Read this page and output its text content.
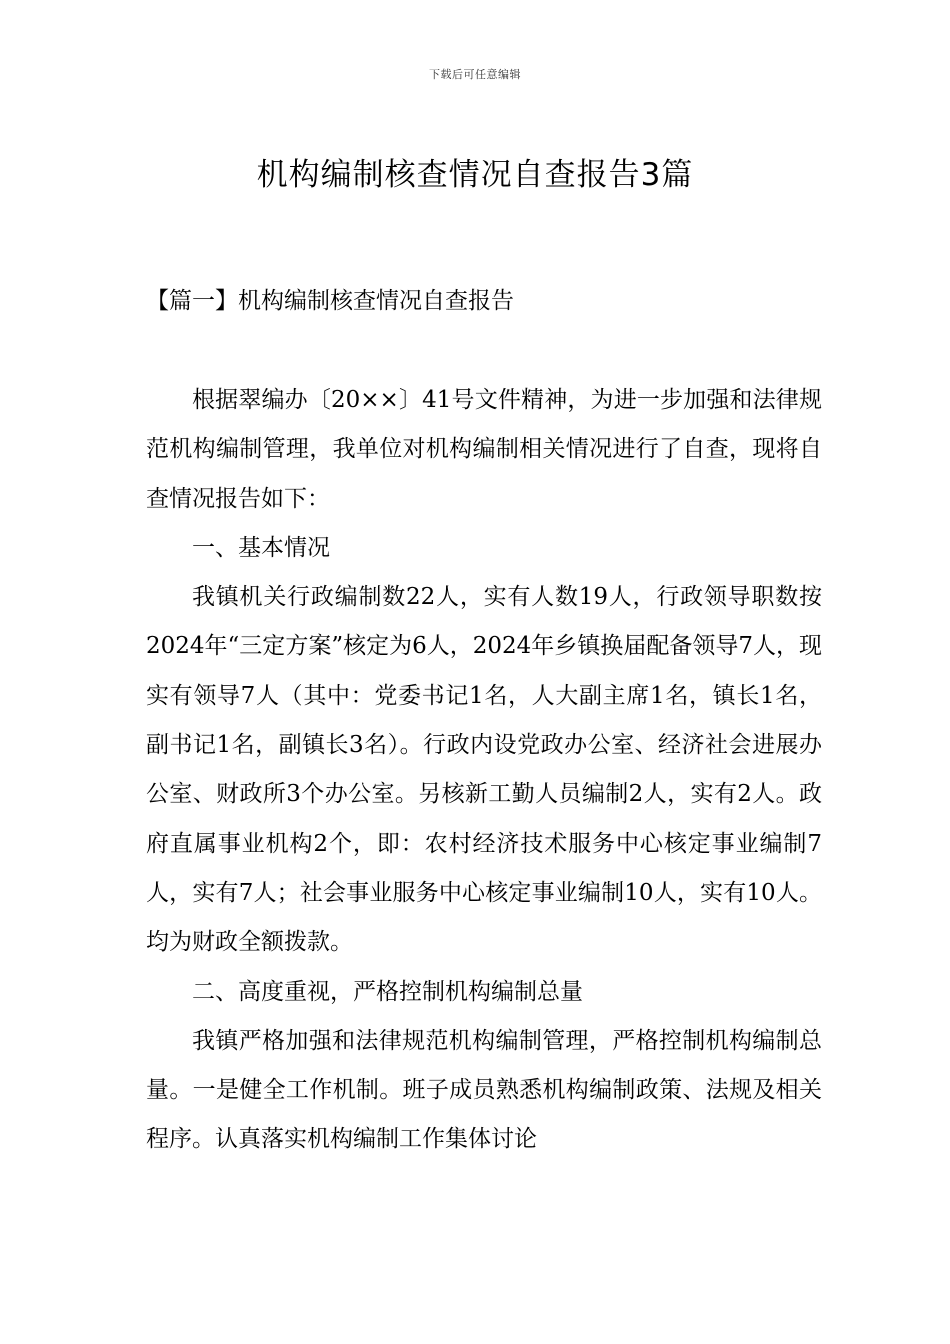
下载后可任意编辑
机构编制核查情况自查报告3篇
【篇一】机构编制核查情况自查报告

根据翠编办〔20××〕41号文件精神，为进一步加强和法律规范机构编制管理，我单位对机构编制相关情况进行了自查，现将自查情况报告如下：

一、基本情况

我镇机关行政编制数22人，实有人数19人，行政领导职数按2024年“三定方案”核定为6人，2024年乡镇换届配备领导7人，现实有领导7人（其中：党委书记1名，人大副主席1名，镇长1名，副书记1名，副镇长3名）。行政内设党政办公室、经济社会进展办公室、财政所3个办公室。另核新工勤人员编制2人，实有2人。政府直属事业机构2个，即：农村经济技术服务中心核定事业编制7人，实有7人；社会事业服务中心核定事业编制10人，实有10人。均为财政全额拨款。

二、高度重视，严格控制机构编制总量

我镇严格加强和法律规范机构编制管理，严格控制机构编制总量。一是健全工作机制。班子成员熟悉机构编制政策、法规及相关程序。认真落实机构编制工作集体讨论
